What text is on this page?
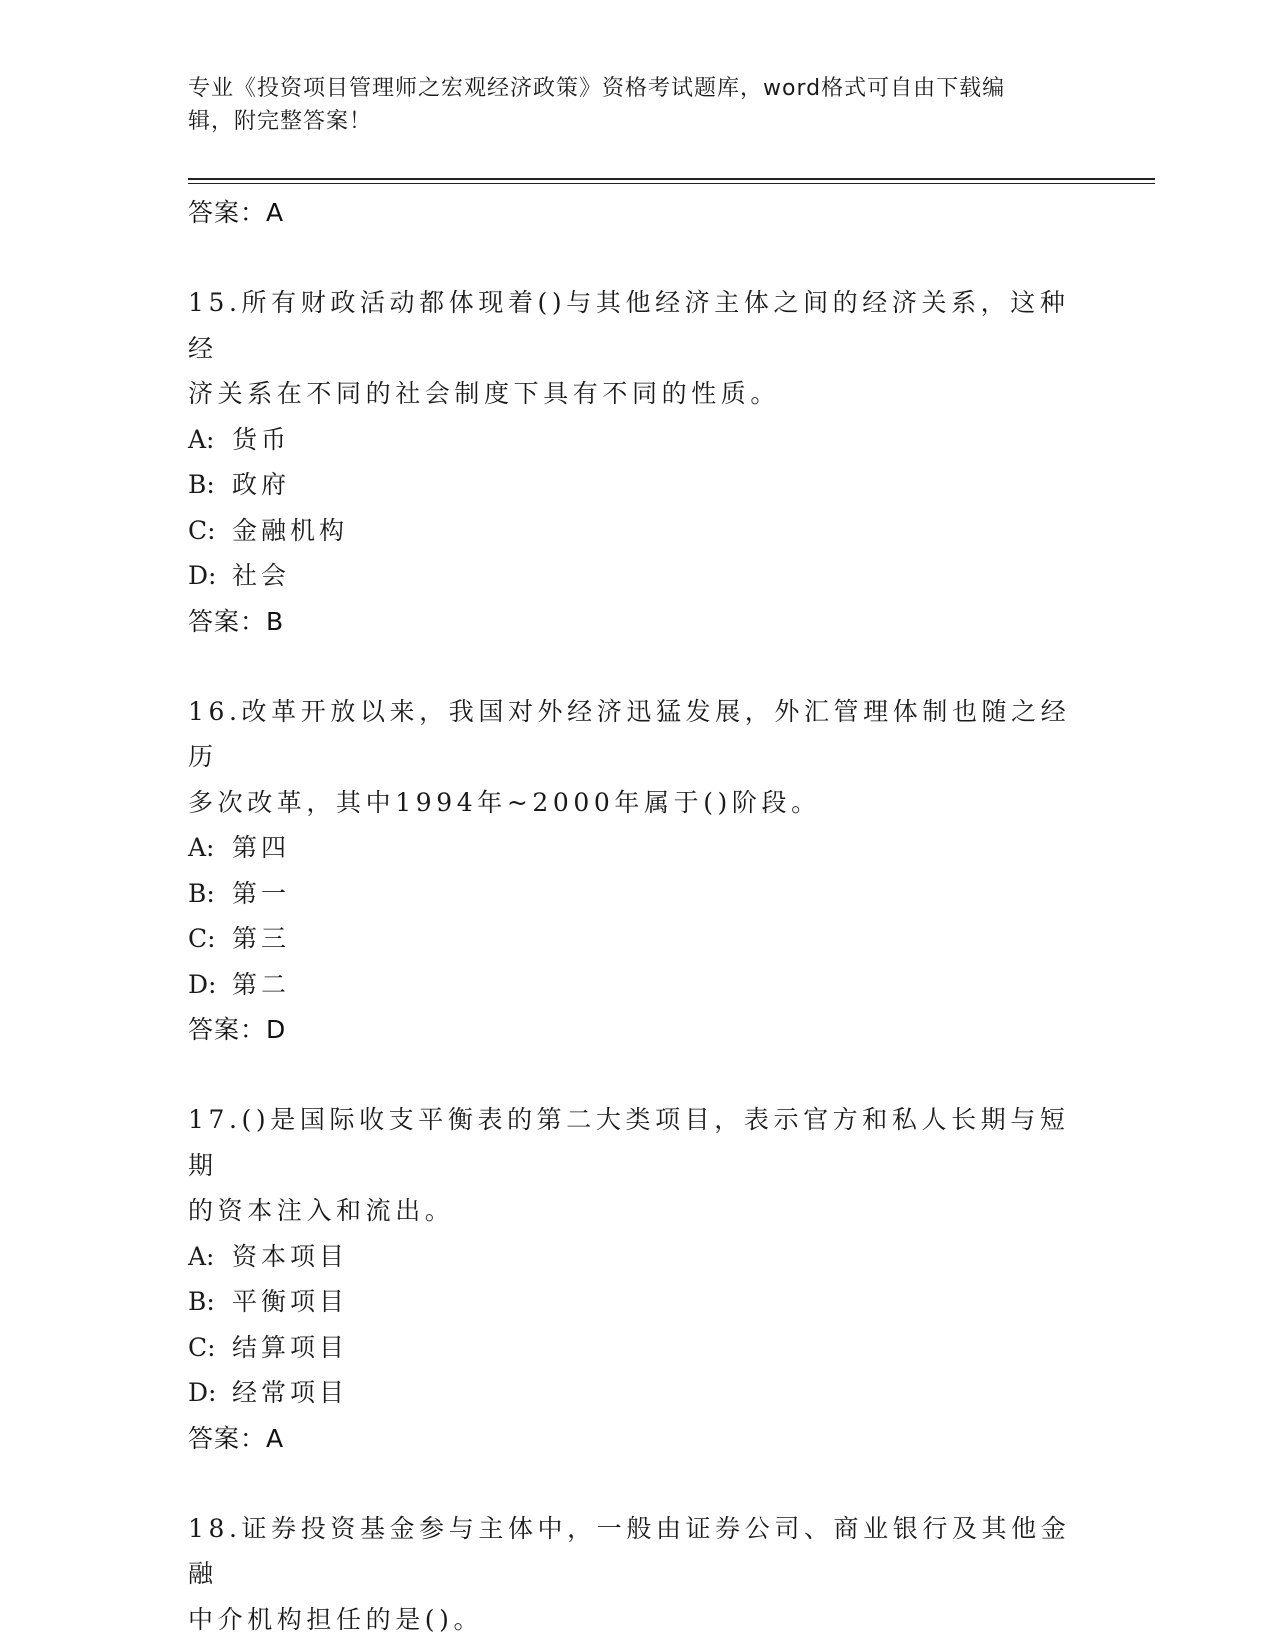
专业《投资项目管理师之宏观经济政策》资格考试题库，word格式可自由下载编
辑，附完整答案！
答案：A
15.所有财政活动都体现着()与其他经济主体之间的经济关系，这种经
济关系在不同的社会制度下具有不同的性质。
A: 货币
B: 政府
C: 金融机构
D: 社会
答案：B
16.改革开放以来，我国对外经济迅猛发展，外汇管理体制也随之经历
多次改革，其中1994年~2000年属于()阶段。
A: 第四
B: 第一
C: 第三
D: 第二
答案：D
17.()是国际收支平衡表的第二大类项目，表示官方和私人长期与短期
的资本注入和流出。
A: 资本项目
B: 平衡项目
C: 结算项目
D: 经常项目
答案：A
18.证券投资基金参与主体中，一般由证券公司、商业银行及其他金融
中介机构担任的是()。
